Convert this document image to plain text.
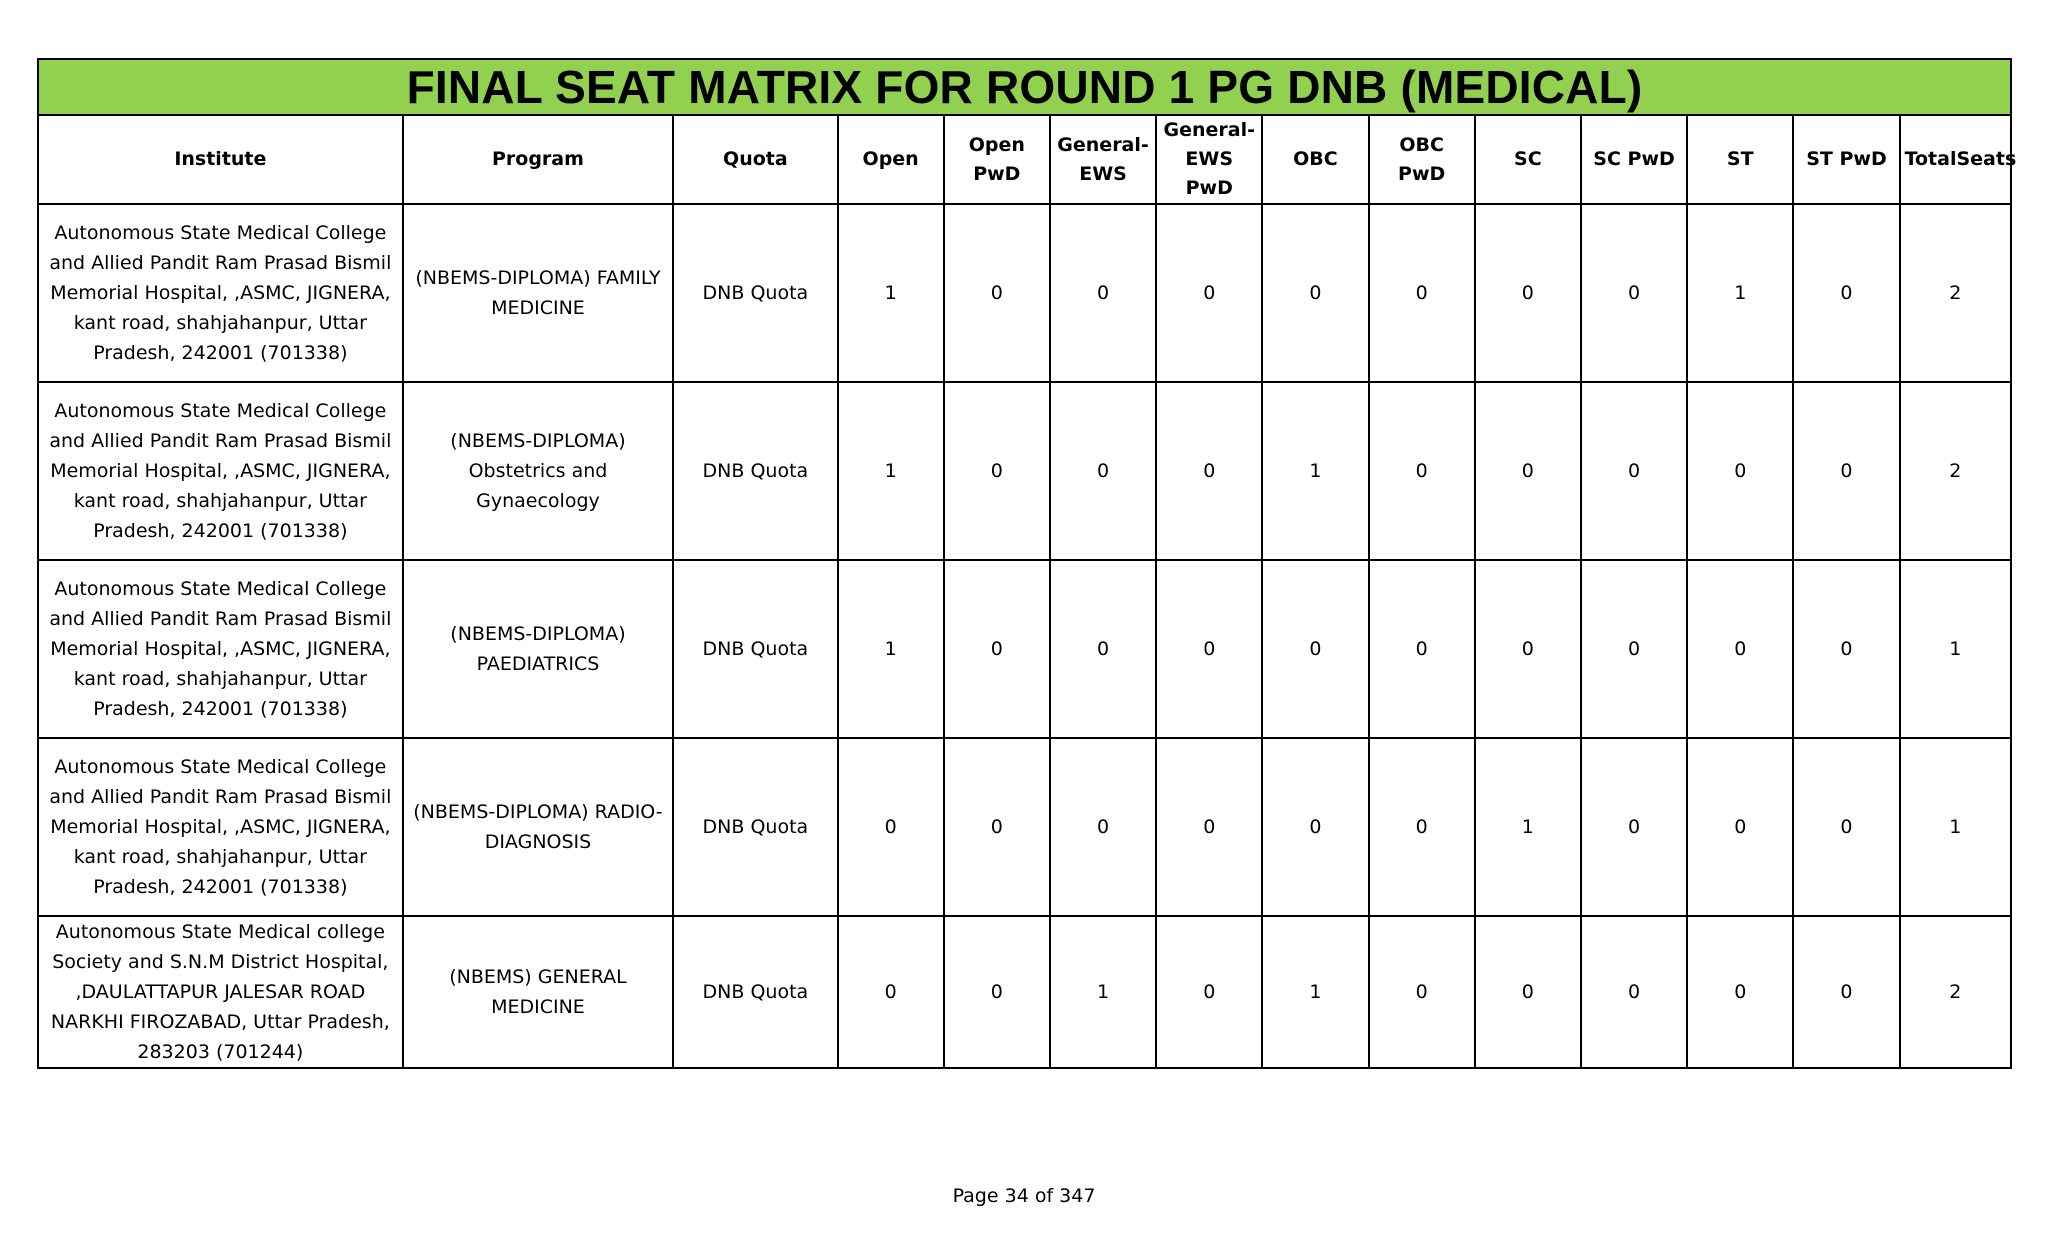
FINAL SEAT MATRIX FOR ROUND 1 PG DNB (MEDICAL)													
Institute	Program	Quota	Open	Open PwD	General-EWS	General-EWS PwD	OBC	OBC PwD	SC	SC PwD	ST	ST PwD	TotalSeats
Autonomous State Medical College and Allied Pandit Ram Prasad Bismil Memorial Hospital, ,ASMC, JIGNERA, kant road, shahjahanpur, Uttar Pradesh, 242001 (701338)	(NBEMS-DIPLOMA) FAMILY MEDICINE	DNB Quota	1	0	0	0	0	0	0	0	1	0	2
Autonomous State Medical College and Allied Pandit Ram Prasad Bismil Memorial Hospital, ,ASMC, JIGNERA, kant road, shahjahanpur, Uttar Pradesh, 242001 (701338)	(NBEMS-DIPLOMA) Obstetrics and Gynaecology	DNB Quota	1	0	0	0	1	0	0	0	0	0	2
Autonomous State Medical College and Allied Pandit Ram Prasad Bismil Memorial Hospital, ,ASMC, JIGNERA, kant road, shahjahanpur, Uttar Pradesh, 242001 (701338)	(NBEMS-DIPLOMA) PAEDIATRICS	DNB Quota	1	0	0	0	0	0	0	0	0	0	1
Autonomous State Medical College and Allied Pandit Ram Prasad Bismil Memorial Hospital, ,ASMC, JIGNERA, kant road, shahjahanpur, Uttar Pradesh, 242001 (701338)	(NBEMS-DIPLOMA) RADIO-DIAGNOSIS	DNB Quota	0	0	0	0	0	0	1	0	0	0	1
Autonomous State Medical college Society and S.N.M District Hospital, ,DAULATTAPUR JALESAR ROAD NARKHI FIROZABAD, Uttar Pradesh, 283203 (701244)	(NBEMS) GENERAL MEDICINE	DNB Quota	0	0	1	0	1	0	0	0	0	0	2
Page 34 of 347
